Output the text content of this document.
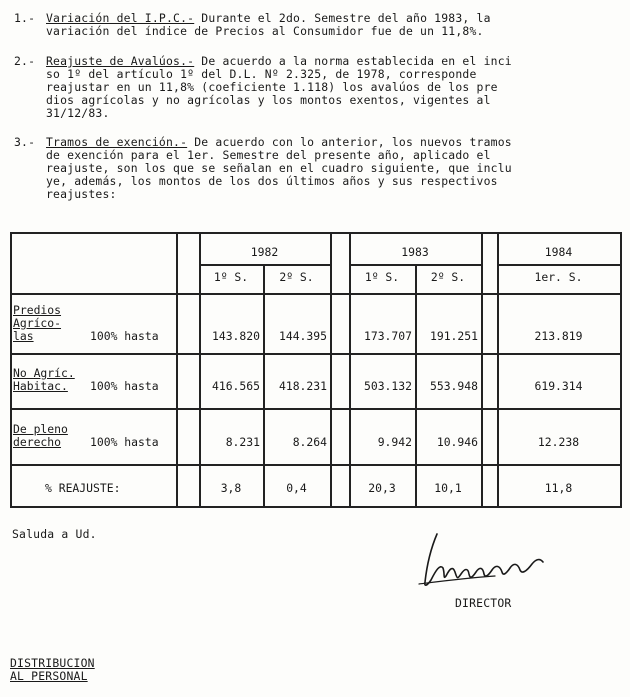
1.- Variación del I.P.C.- Durante el 2do. Semestre del año 1983, la
variación del índice de Precios al Consumidor fue de un 11,8%.
2.- Reajuste de Avalúos.- De acuerdo a la norma establecida en el inci
so 1º del artículo 1º del D.L. Nº 2.325, de 1978, corresponde
reajustar en un 11,8% (coeficiente 1.118) los avalúos de los pre
dios agrícolas y no agrícolas y los montos exentos, vigentes al
31/12/83.
3.- Tramos de exención.- De acuerdo con lo anterior, los nuevos tramos
de exención para el 1er. Semestre del presente año, aplicado el
reajuste, son los que se señalan en el cuadro siguiente, que inclu
ye, además, los montos de los dos últimos años y sus respectivos
reajustes:
1982	1983	1984
1º S.	2º S.	1º S.	2º S.	1er. S.
Predios
Agríco-
las	100% hasta	143.820	144.395	173.707	191.251	213.819
No Agríc.
Habitac. 100% hasta	416.565	418.231	503.132	553.948	619.314
De pleno
derecho	100% hasta	8.231	8.264	9.942	10.946	12.238
% REAJUSTE:	3,8	0,4	20,3	10,1	11,8
Saluda a Ud.
DIRECTOR
DISTRIBUCION
AL PERSONAL
